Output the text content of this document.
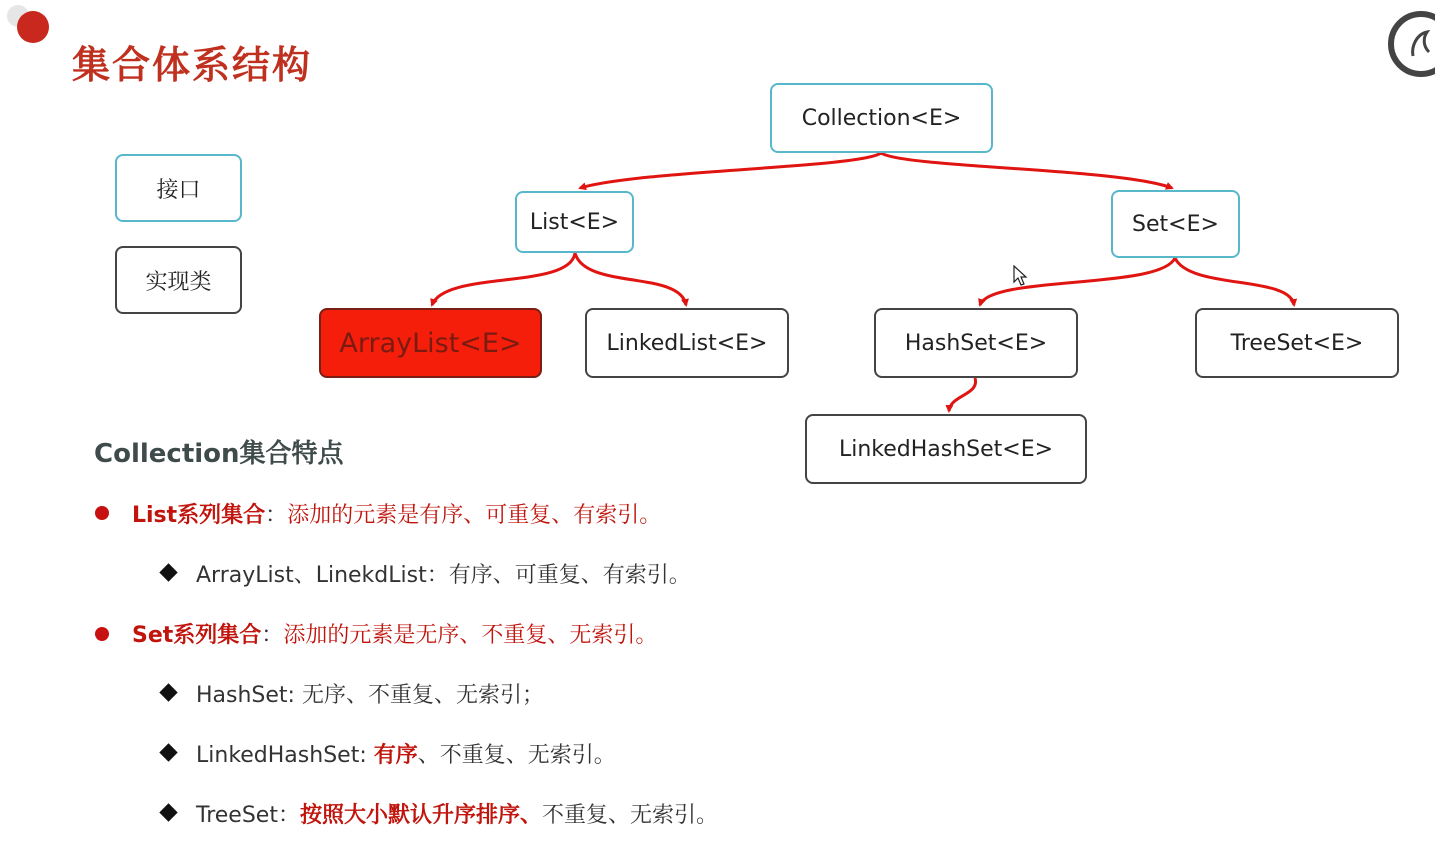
集合体系结构
接口
实现类
Collection<E>
List<E>	Set<E>
ArrayList<E>	LinkedList<E>	HashSet<E>	TreeSet<E>
LinkedHashSet<E>
Collection集合特点
List系列集合：添加的元素是有序、可重复、有索引。
ArrayList、LinekdList：有序、可重复、有索引。
Set系列集合：添加的元素是无序、不重复、无索引。
HashSet: 无序、不重复、无索引；
LinkedHashSet: 有序、不重复、无索引。
TreeSet：按照大小默认升序排序、不重复、无索引。
